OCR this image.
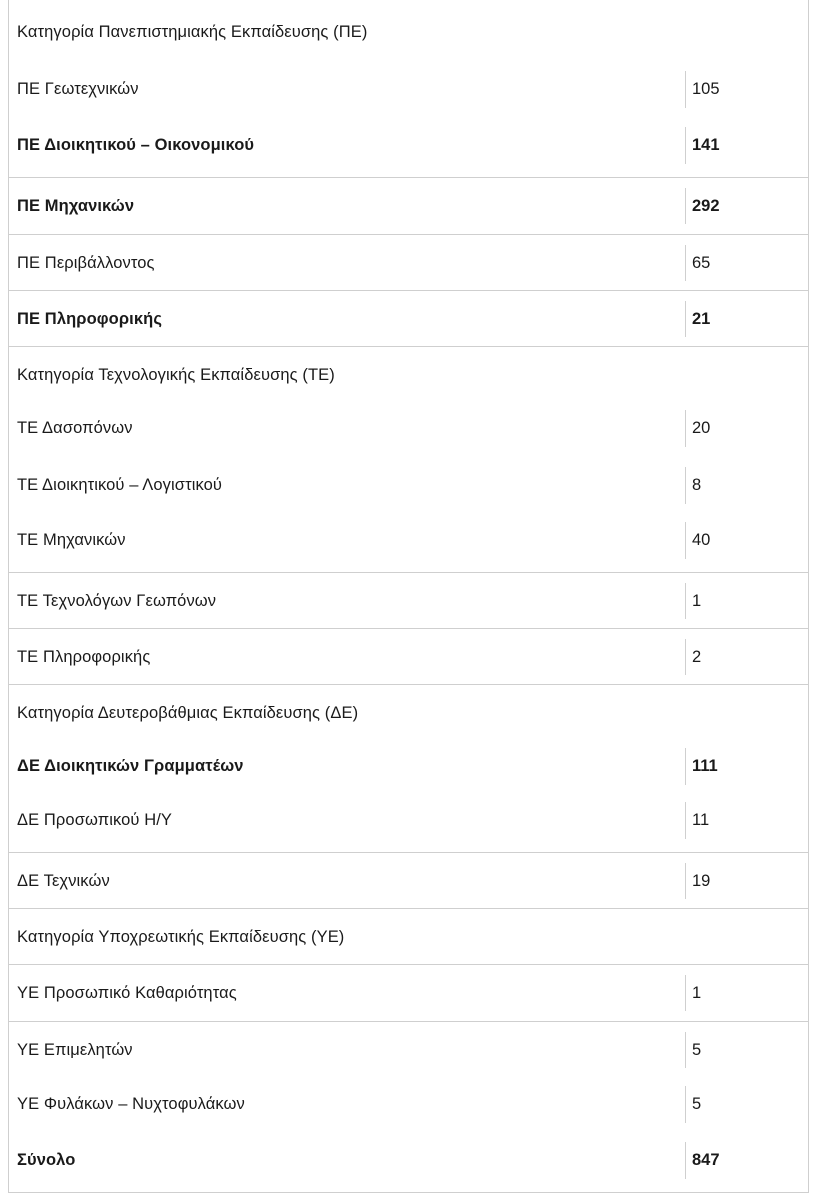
Κατηγορία Πανεπιστημιακής Εκπαίδευσης (ΠΕ)
ΠΕ Γεωτεχνικών	105
ΠΕ Διοικητικού – Οικονομικού	141
ΠΕ Μηχανικών	292
ΠΕ Περιβάλλοντος	65
ΠΕ Πληροφορικής	21
Κατηγορία Τεχνολογικής Εκπαίδευσης (ΤΕ)
ΤΕ Δασοπόνων	20
ΤΕ Διοικητικού – Λογιστικού	8
ΤΕ Μηχανικών	40
ΤΕ Τεχνολόγων Γεωπόνων	1
ΤΕ Πληροφορικής	2
Κατηγορία Δευτεροβάθμιας Εκπαίδευσης (ΔΕ)
ΔΕ Διοικητικών Γραμματέων	111
ΔΕ Προσωπικού Η/Υ	11
ΔΕ Τεχνικών	19
Κατηγορία Υποχρεωτικής Εκπαίδευσης (ΥΕ)
ΥΕ Προσωπικό Καθαριότητας	1
ΥΕ Επιμελητών	5
ΥΕ Φυλάκων – Νυχτοφυλάκων	5
Σύνολο	847
